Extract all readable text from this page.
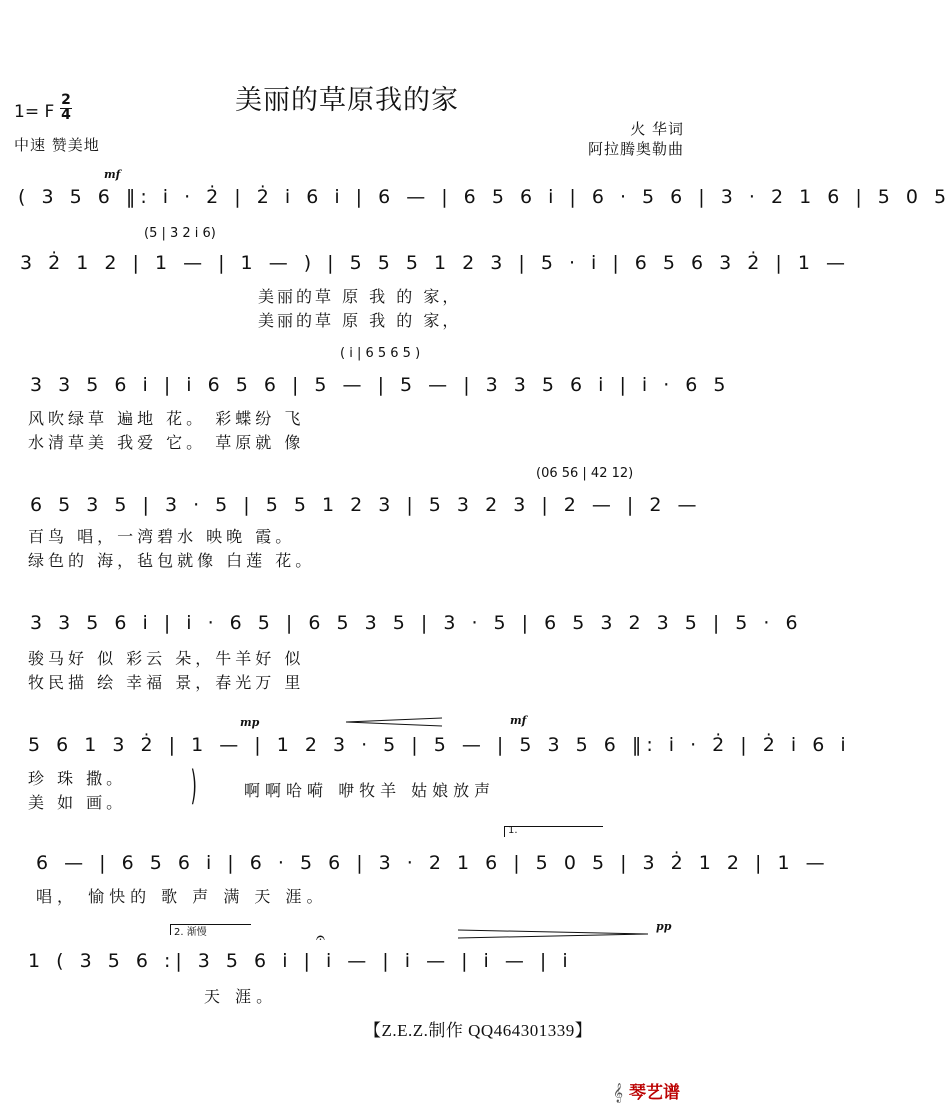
美丽的草原我的家
1= F
2
4
中速 赞美地
火 华词
阿拉腾奥勒曲
mf
( 3 5 6 ‖: i · 2̇ | 2̇ i 6 i | 6 — | 6 5 6 i | 6 · 5 6 | 3 · 2 1 6 | 5 0 5
(5 | 3 2 i 6)
3 2̇ 1 2 | 1 — | 1 — ) | 5 5 5 1 2 3 | 5 · i | 6 5 6 3 2̇ | 1 —
美丽的草 原 我 的 家，
美丽的草 原 我 的 家，
( i | 6 5 6 5 )
3 3 5 6 i | i 6 5 6 | 5 — | 5 — | 3 3 5 6 i | i · 6 5
风吹绿草 遍地 花。 彩蝶纷 飞
水清草美 我爱 它。 草原就 像
(06 56 | 42 12)
6 5 3 5 | 3 · 5 | 5 5 1 2 3 | 5 3 2 3 | 2 — | 2 —
百鸟 唱，一湾碧水 映晚 霞。
绿色的 海，毡包就像 白莲 花。
3 3 5 6 i | i · 6 5 | 6 5 3 5 | 3 · 5 | 6 5 3 2 3 5 | 5 · 6
骏马好 似 彩云 朵，牛羊好 似
牧民描 绘 幸福 景，春光万 里
mp	mf
5 6 1 3 2̇ | 1 — | 1 2 3 · 5 | 5 — | 5 3 5 6 ‖: i · 2̇ | 2̇ i 6 i
珍 珠 撒。
美 如 画。 )	啊啊哈嗬 咿牧羊 姑娘放声
1.
6 — | 6 5 6 i | 6 · 5 6 | 3 · 2 1 6 | 5 0 5 | 3 2̇ 1 2 | 1 —
唱， 愉快的 歌 声 满 天 涯。
2. 渐慢	𝄐
pp
1 ( 3 5 6 :| 3 5 6 i | i — | i — | i — | i
天 涯。
【Z.E.Z.制作 QQ464301339】
𝄞 琴艺谱
